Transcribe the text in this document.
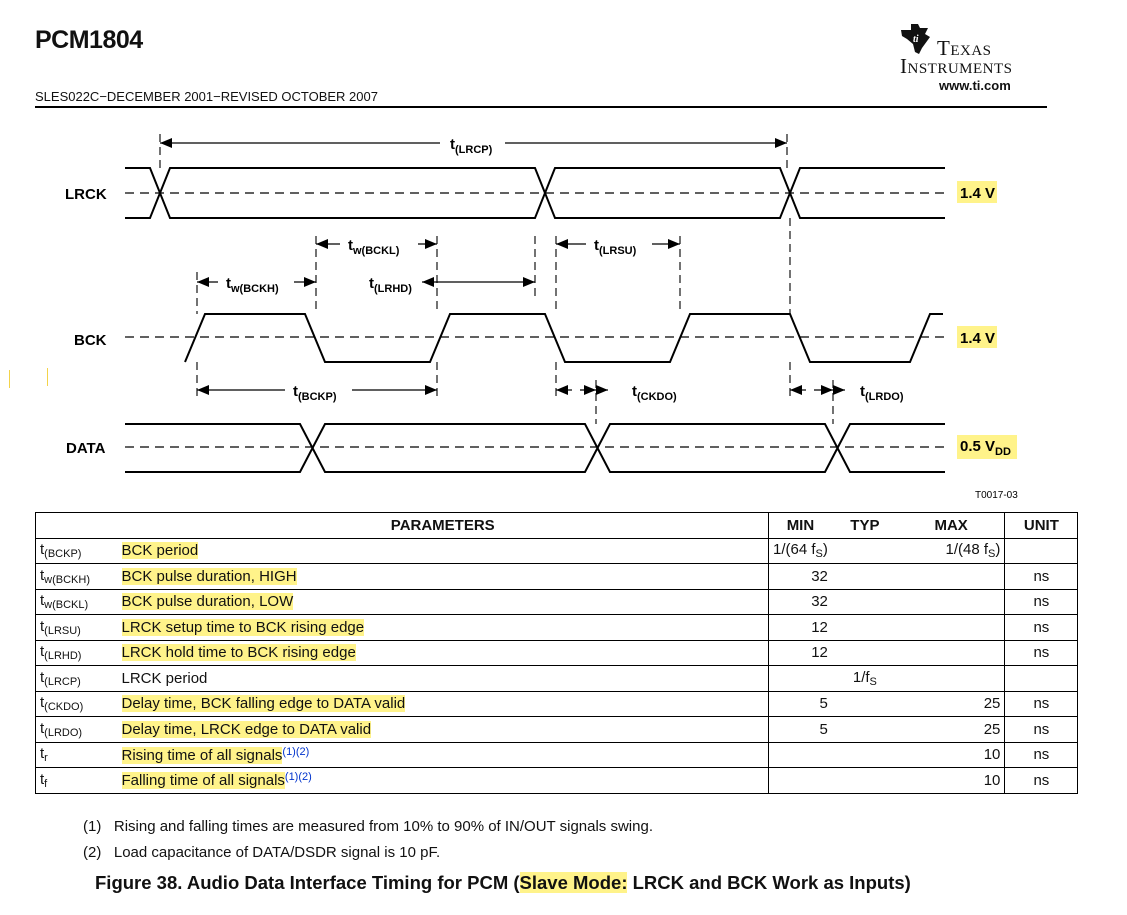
PCM1804
SLES022C−DECEMBER 2001−REVISED OCTOBER 2007
ti Texas
Instruments
www.ti.com
LRCK
BCK
DATA
1.4 V
1.4 V
0.5 $V_{DD}$
$t_{(LRCP)}$
$t_{w(BCKL)}$	$t_{(LRSU)}$
$t_{w(BCKH)}$	$t_{(LRHD)}$
$t_{(BCKP)}$	$t_{(CKDO)}$	$t_{(LRDO)}$
T0017-03
	PARAMETERS	MIN	TYP	MAX	UNIT
$t_{(BCKP)}$	BCK period	1/(64 $f_S$)		1/(48 $f_S$)	
$t_{w(BCKH)}$	BCK pulse duration, HIGH	32			ns
$t_{w(BCKL)}$	BCK pulse duration, LOW	32			ns
$t_{(LRSU)}$	LRCK setup time to BCK rising edge	12			ns
$t_{(LRHD)}$	LRCK hold time to BCK rising edge	12			ns
$t_{(LRCP)}$	LRCK period		$1/f_S$		
$t_{(CKDO)}$	Delay time, BCK falling edge to DATA valid	5		25	ns
$t_{(LRDO)}$	Delay time, LRCK edge to DATA valid	5		25	ns
$t_r$	Rising time of all signals$^{(1)(2)}$			10	ns
$t_f$	Falling time of all signals$^{(1)(2)}$			10	ns
(1) Rising and falling times are measured from 10% to 90% of IN/OUT signals swing.
(2) Load capacitance of DATA/DSDR signal is 10 pF.
Figure 38. Audio Data Interface Timing for PCM (Slave Mode: LRCK and BCK Work as Inputs)
